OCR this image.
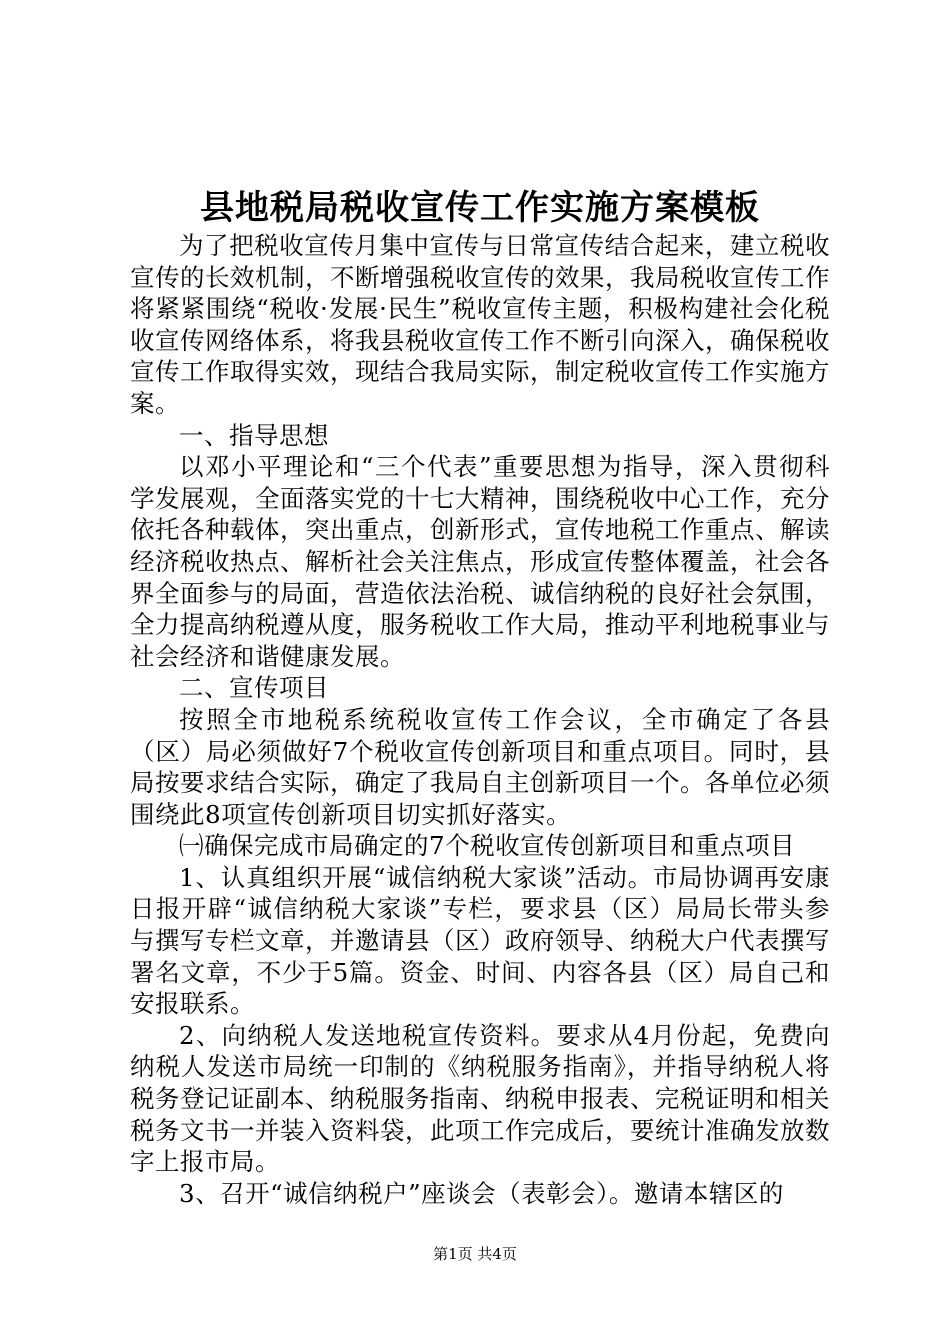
县地税局税收宣传工作实施方案模板

为了把税收宣传月集中宣传与日常宣传结合起来，建立税收宣传的长效机制，不断增强税收宣传的效果，我局税收宣传工作将紧紧围绕“税收·发展·民生”税收宣传主题，积极构建社会化税收宣传网络体系，将我县税收宣传工作不断引向深入，确保税收宣传工作取得实效，现结合我局实际，制定税收宣传工作实施方案。

一、指导思想

以邓小平理论和“三个代表”重要思想为指导，深入贯彻科学发展观，全面落实党的十七大精神，围绕税收中心工作，充分依托各种载体，突出重点，创新形式，宣传地税工作重点、解读经济税收热点、解析社会关注焦点，形成宣传整体覆盖，社会各界全面参与的局面，营造依法治税、诚信纳税的良好社会氛围，全力提高纳税遵从度，服务税收工作大局，推动平利地税事业与社会经济和谐健康发展。

二、宣传项目

按照全市地税系统税收宣传工作会议，全市确定了各县（区）局必须做好7个税收宣传创新项目和重点项目。同时，县局按要求结合实际，确定了我局自主创新项目一个。各单位必须围绕此8项宣传创新项目切实抓好落实。

㈠确保完成市局确定的7个税收宣传创新项目和重点项目

1、认真组织开展“诚信纳税大家谈”活动。市局协调再安康日报开辟“诚信纳税大家谈”专栏，要求县（区）局局长带头参与撰写专栏文章，并邀请县（区）政府领导、纳税大户代表撰写署名文章，不少于5篇。资金、时间、内容各县（区）局自己和安报联系。

2、向纳税人发送地税宣传资料。要求从4月份起，免费向纳税人发送市局统一印制的《纳税服务指南》，并指导纳税人将税务登记证副本、纳税服务指南、纳税申报表、完税证明和相关税务文书一并装入资料袋，此项工作完成后，要统计准确发放数字上报市局。

3、召开“诚信纳税户”座谈会（表彰会）。邀请本辖区的

第1页 共4页
